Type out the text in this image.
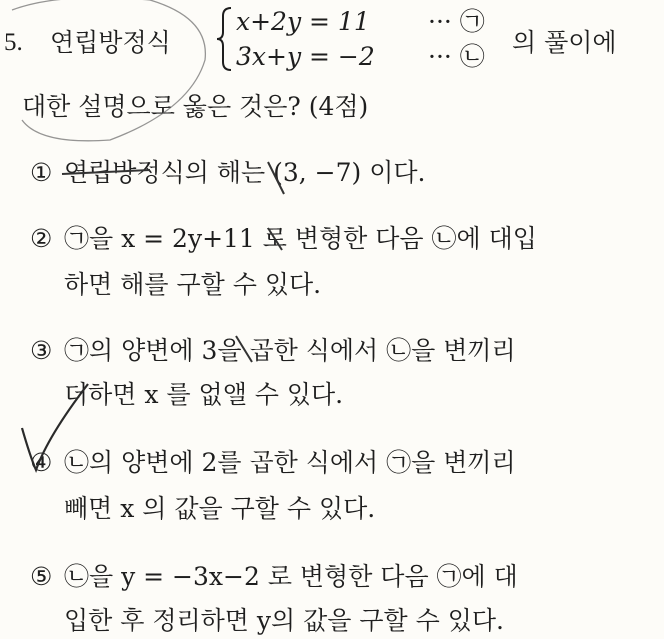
5. 연립방정식
x+2y = 11 ··· ㉠
3x+y = −2 ··· ㉡ 의 풀이에
대한 설명으로 옳은 것은? (4점)
① 연립방정식의 해는 (3, −7) 이다.
② ㉠을 x = 2y+11 로 변형한 다음 ㉡에 대입
하면 해를 구할 수 있다.
③ ㉠의 양변에 3을 곱한 식에서 ㉡을 변끼리
더하면 x 를 없앨 수 있다.
④ ㉡의 양변에 2를 곱한 식에서 ㉠을 변끼리
빼면 x 의 값을 구할 수 있다.
⑤ ㉡을 y = −3x−2 로 변형한 다음 ㉠에 대
입한 후 정리하면 y의 값을 구할 수 있다.
